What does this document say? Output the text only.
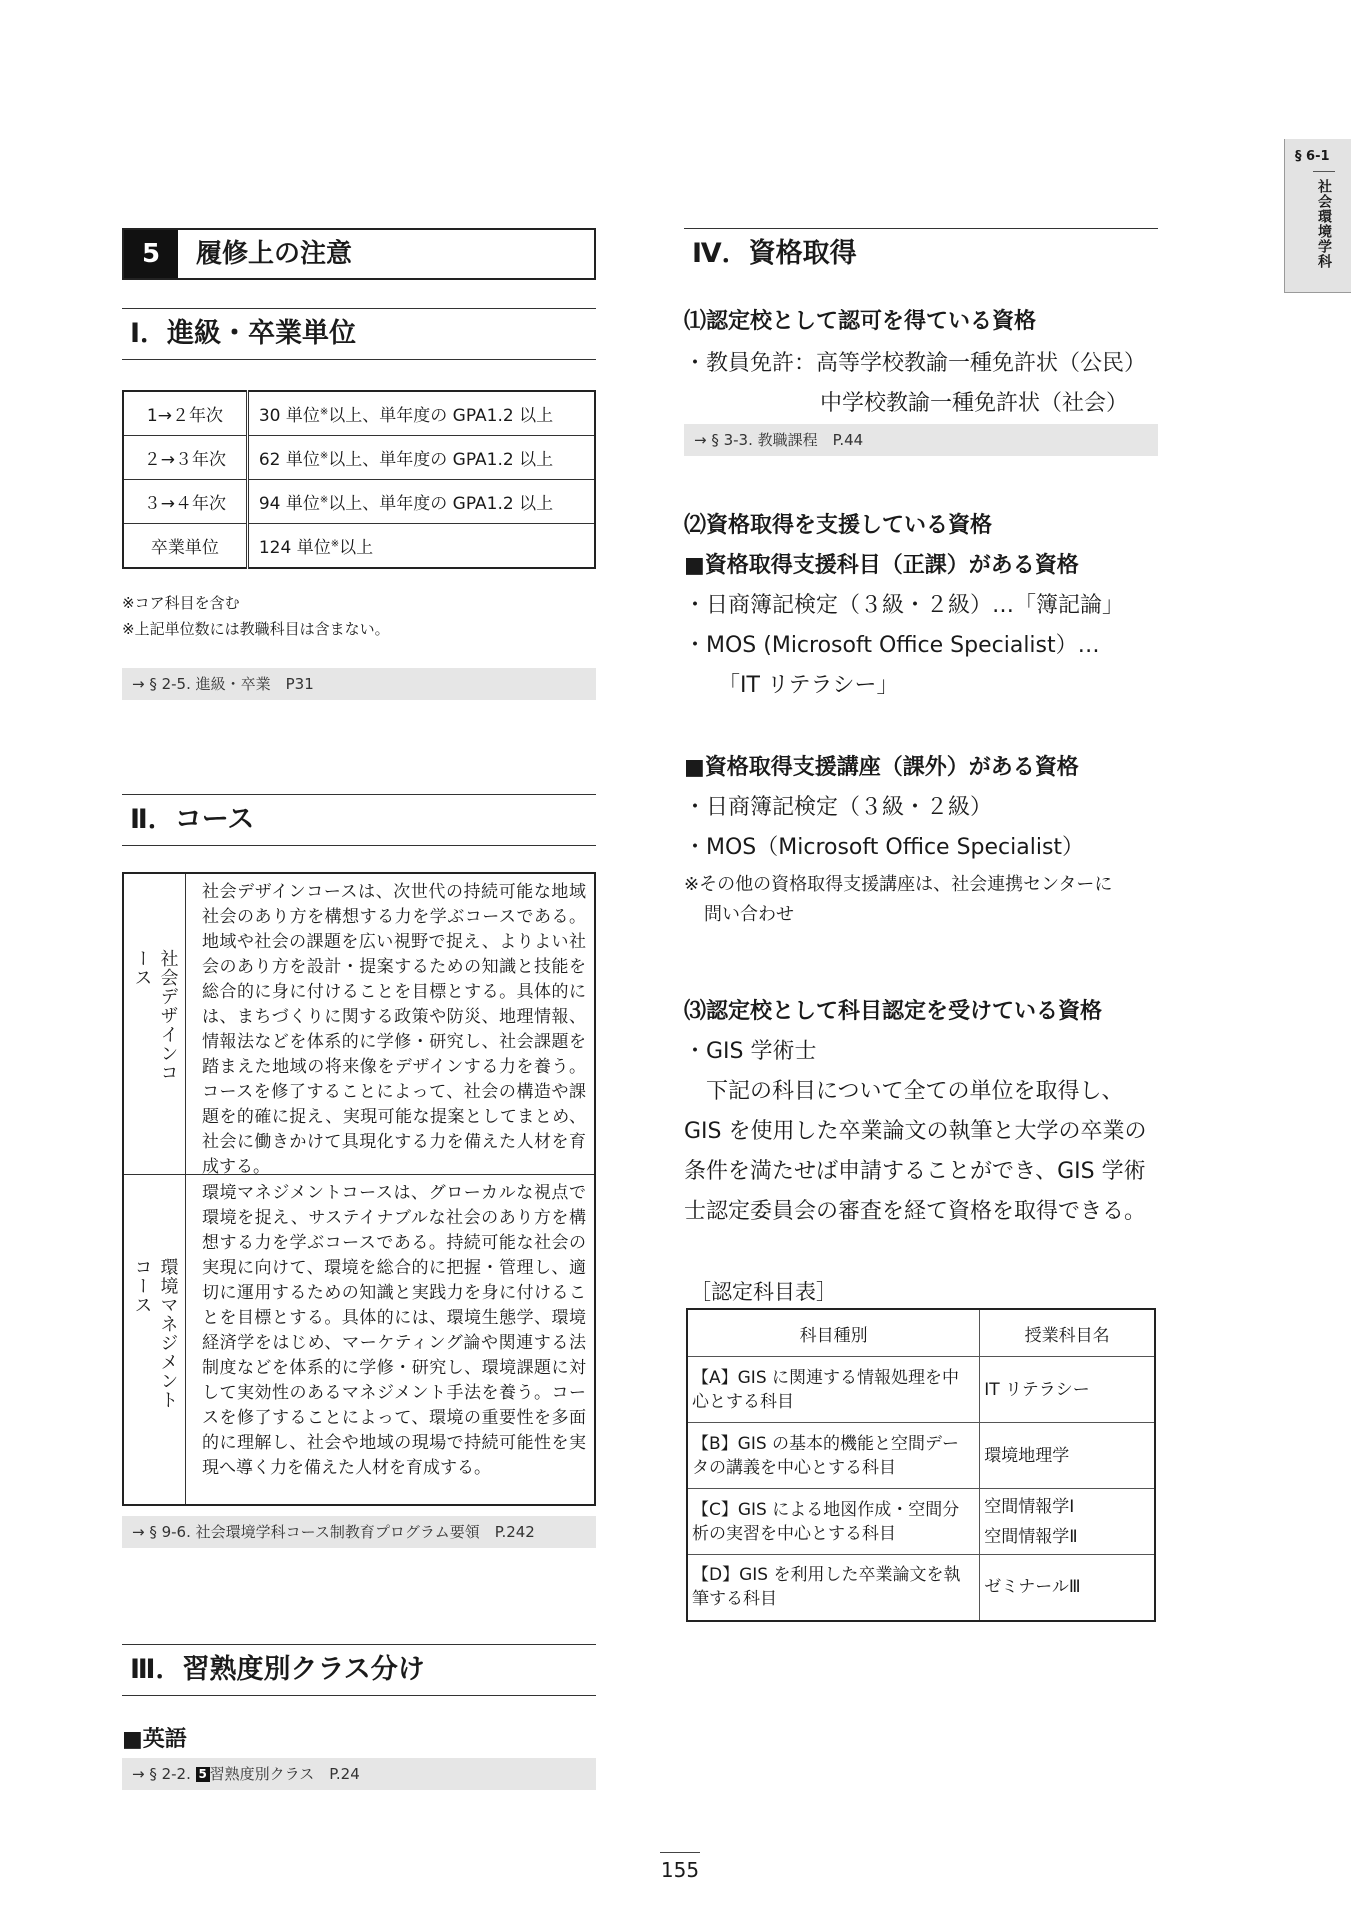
§ 6-1
社会環境学科
5	履修上の注意
Ⅰ．進級・卒業単位
1→２年次	30 単位※以上、単年度の GPA1.2 以上
２→３年次	62 単位※以上、単年度の GPA1.2 以上
３→４年次	94 単位※以上、単年度の GPA1.2 以上
卒業単位	124 単位※以上
※コア科目を含む
※上記単位数には教職科目は含まない。
→ § 2-5. 進級・卒業　P31
Ⅱ．コース
社会デザインコース
社会デザインコースは、次世代の持続可能な地域社会のあり方を構想する力を学ぶコースである。地域や社会の課題を広い視野で捉え、よりよい社会のあり方を設計・提案するための知識と技能を総合的に身に付けることを目標とする。具体的には、まちづくりに関する政策や防災、地理情報、情報法などを体系的に学修・研究し、社会課題を踏まえた地域の将来像をデザインする力を養う。コースを修了することによって、社会の構造や課題を的確に捉え、実現可能な提案としてまとめ、社会に働きかけて具現化する力を備えた人材を育成する。
環境マネジメントコース
環境マネジメントコースは、グローカルな視点で環境を捉え、サステイナブルな社会のあり方を構想する力を学ぶコースである。持続可能な社会の実現に向けて、環境を総合的に把握・管理し、適切に運用するための知識と実践力を身に付けることを目標とする。具体的には、環境生態学、環境経済学をはじめ、マーケティング論や関連する法制度などを体系的に学修・研究し、環境課題に対して実効性のあるマネジメント手法を養う。コースを修了することによって、環境の重要性を多面的に理解し、社会や地域の現場で持続可能性を実現へ導く力を備えた人材を育成する。
→ § 9-6. 社会環境学科コース制教育プログラム要領　P.242
Ⅲ．習熟度別クラス分け
■英語
→ § 2-2. 5 習熟度別クラス　P.24
Ⅳ．資格取得
⑴認定校として認可を得ている資格
・教員免許：高等学校教諭一種免許状（公民）
中学校教諭一種免許状（社会）
→ § 3-3. 教職課程　P.44
⑵資格取得を支援している資格
■資格取得支援科目（正課）がある資格
・日商簿記検定（３級・２級）…「簿記論」
・MOS (Microsoft Office Specialist）…
「IT リテラシー」
■資格取得支援講座（課外）がある資格
・日商簿記検定（３級・２級）
・MOS（Microsoft Office Specialist）
※その他の資格取得支援講座は、社会連携センターに
問い合わせ
⑶認定校として科目認定を受けている資格
・GIS 学術士
下記の科目について全ての単位を取得し、
GIS を使用した卒業論文の執筆と大学の卒業の
条件を満たせば申請することができ、GIS 学術
士認定委員会の審査を経て資格を取得できる。
［認定科目表］
科目種別	授業科目名
【A】GIS に関連する情報処理を中心とする科目	IT リテラシー
【B】GIS の基本的機能と空間データの講義を中心とする科目	環境地理学
【C】GIS による地図作成・空間分析の実習を中心とする科目	空間情報学Ⅰ
空間情報学Ⅱ

【D】GIS を利用した卒業論文を執筆する科目	ゼミナールⅢ
155
